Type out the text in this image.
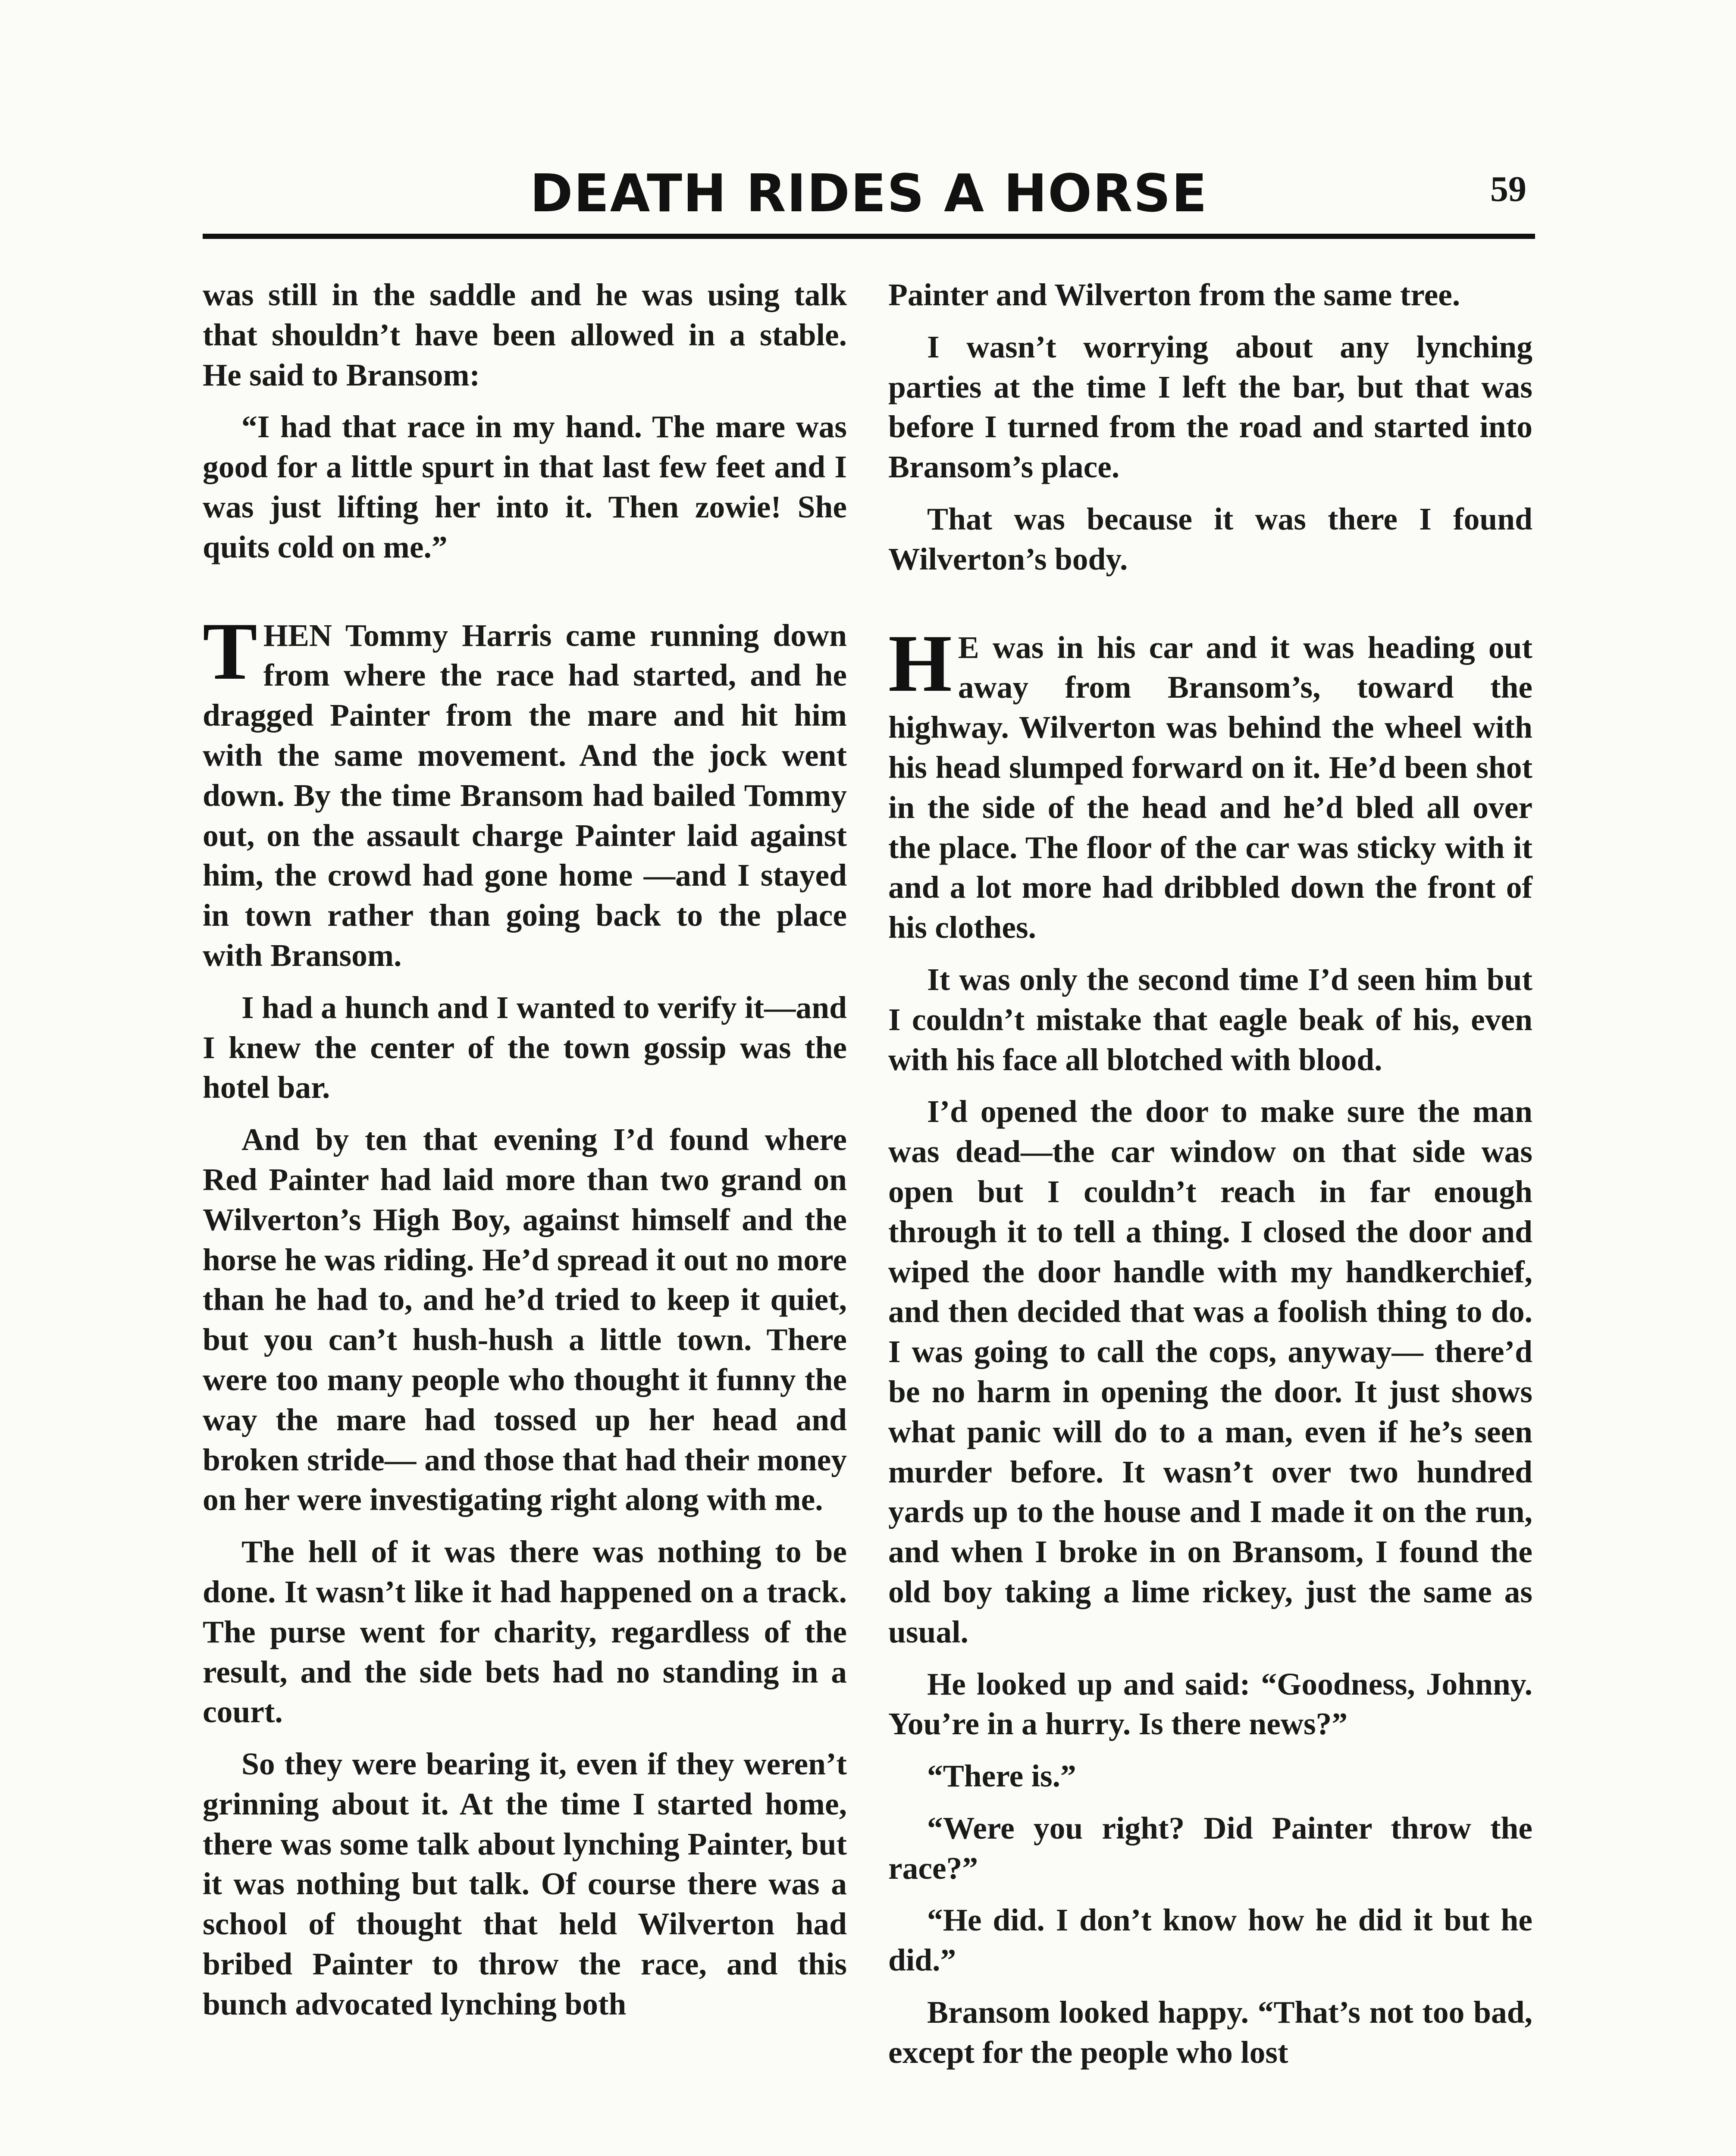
DEATH RIDES A HORSE	59

was still in the saddle and he was using talk that shouldn’t have been allowed in a stable. He said to Bransom:

“I had that race in my hand. The mare was good for a little spurt in that last few feet and I was just lifting her into it. Then zowie! She quits cold on me.”

THEN Tommy Harris came running down from where the race had started, and he dragged Painter from the mare and hit him with the same movement. And the jock went down. By the time Bransom had bailed Tommy out, on the assault charge Painter laid against him, the crowd had gone home —and I stayed in town rather than going back to the place with Bransom.

I had a hunch and I wanted to verify it—and I knew the center of the town gossip was the hotel bar.

And by ten that evening I’d found where Red Painter had laid more than two grand on Wilverton’s High Boy, against himself and the horse he was riding. He’d spread it out no more than he had to, and he’d tried to keep it quiet, but you can’t hush-hush a little town. There were too many people who thought it funny the way the mare had tossed up her head and broken stride— and those that had their money on her were investigating right along with me.

The hell of it was there was nothing to be done. It wasn’t like it had happened on a track. The purse went for charity, regardless of the result, and the side bets had no standing in a court.

So they were bearing it, even if they weren’t grinning about it. At the time I started home, there was some talk about lynching Painter, but it was nothing but talk. Of course there was a school of thought that held Wilverton had bribed Painter to throw the race, and this bunch advocated lynching both

Painter and Wilverton from the same tree.

I wasn’t worrying about any lynching parties at the time I left the bar, but that was before I turned from the road and started into Bransom’s place.

That was because it was there I found Wilverton’s body.

H E was in his car and it was heading out away from Bransom’s, toward the highway. Wilverton was behind the wheel with his head slumped forward on it. He’d been shot in the side of the head and he’d bled all over the place. The floor of the car was sticky with it and a lot more had dribbled down the front of his clothes.

It was only the second time I’d seen him but I couldn’t mistake that eagle beak of his, even with his face all blotched with blood.

I’d opened the door to make sure the man was dead—the car window on that side was open but I couldn’t reach in far enough through it to tell a thing. I closed the door and wiped the door handle with my handkerchief, and then decided that was a foolish thing to do. I was going to call the cops, anyway— there’d be no harm in opening the door. It just shows what panic will do to a man, even if he’s seen murder before. It wasn’t over two hundred yards up to the house and I made it on the run, and when I broke in on Bransom, I found the old boy taking a lime rickey, just the same as usual.

He looked up and said: “Goodness, Johnny. You’re in a hurry. Is there news?”

“There is.”

“Were you right? Did Painter throw the race?”

“He did. I don’t know how he did it but he did.”

Bransom looked happy. “That’s not too bad, except for the people who lost
